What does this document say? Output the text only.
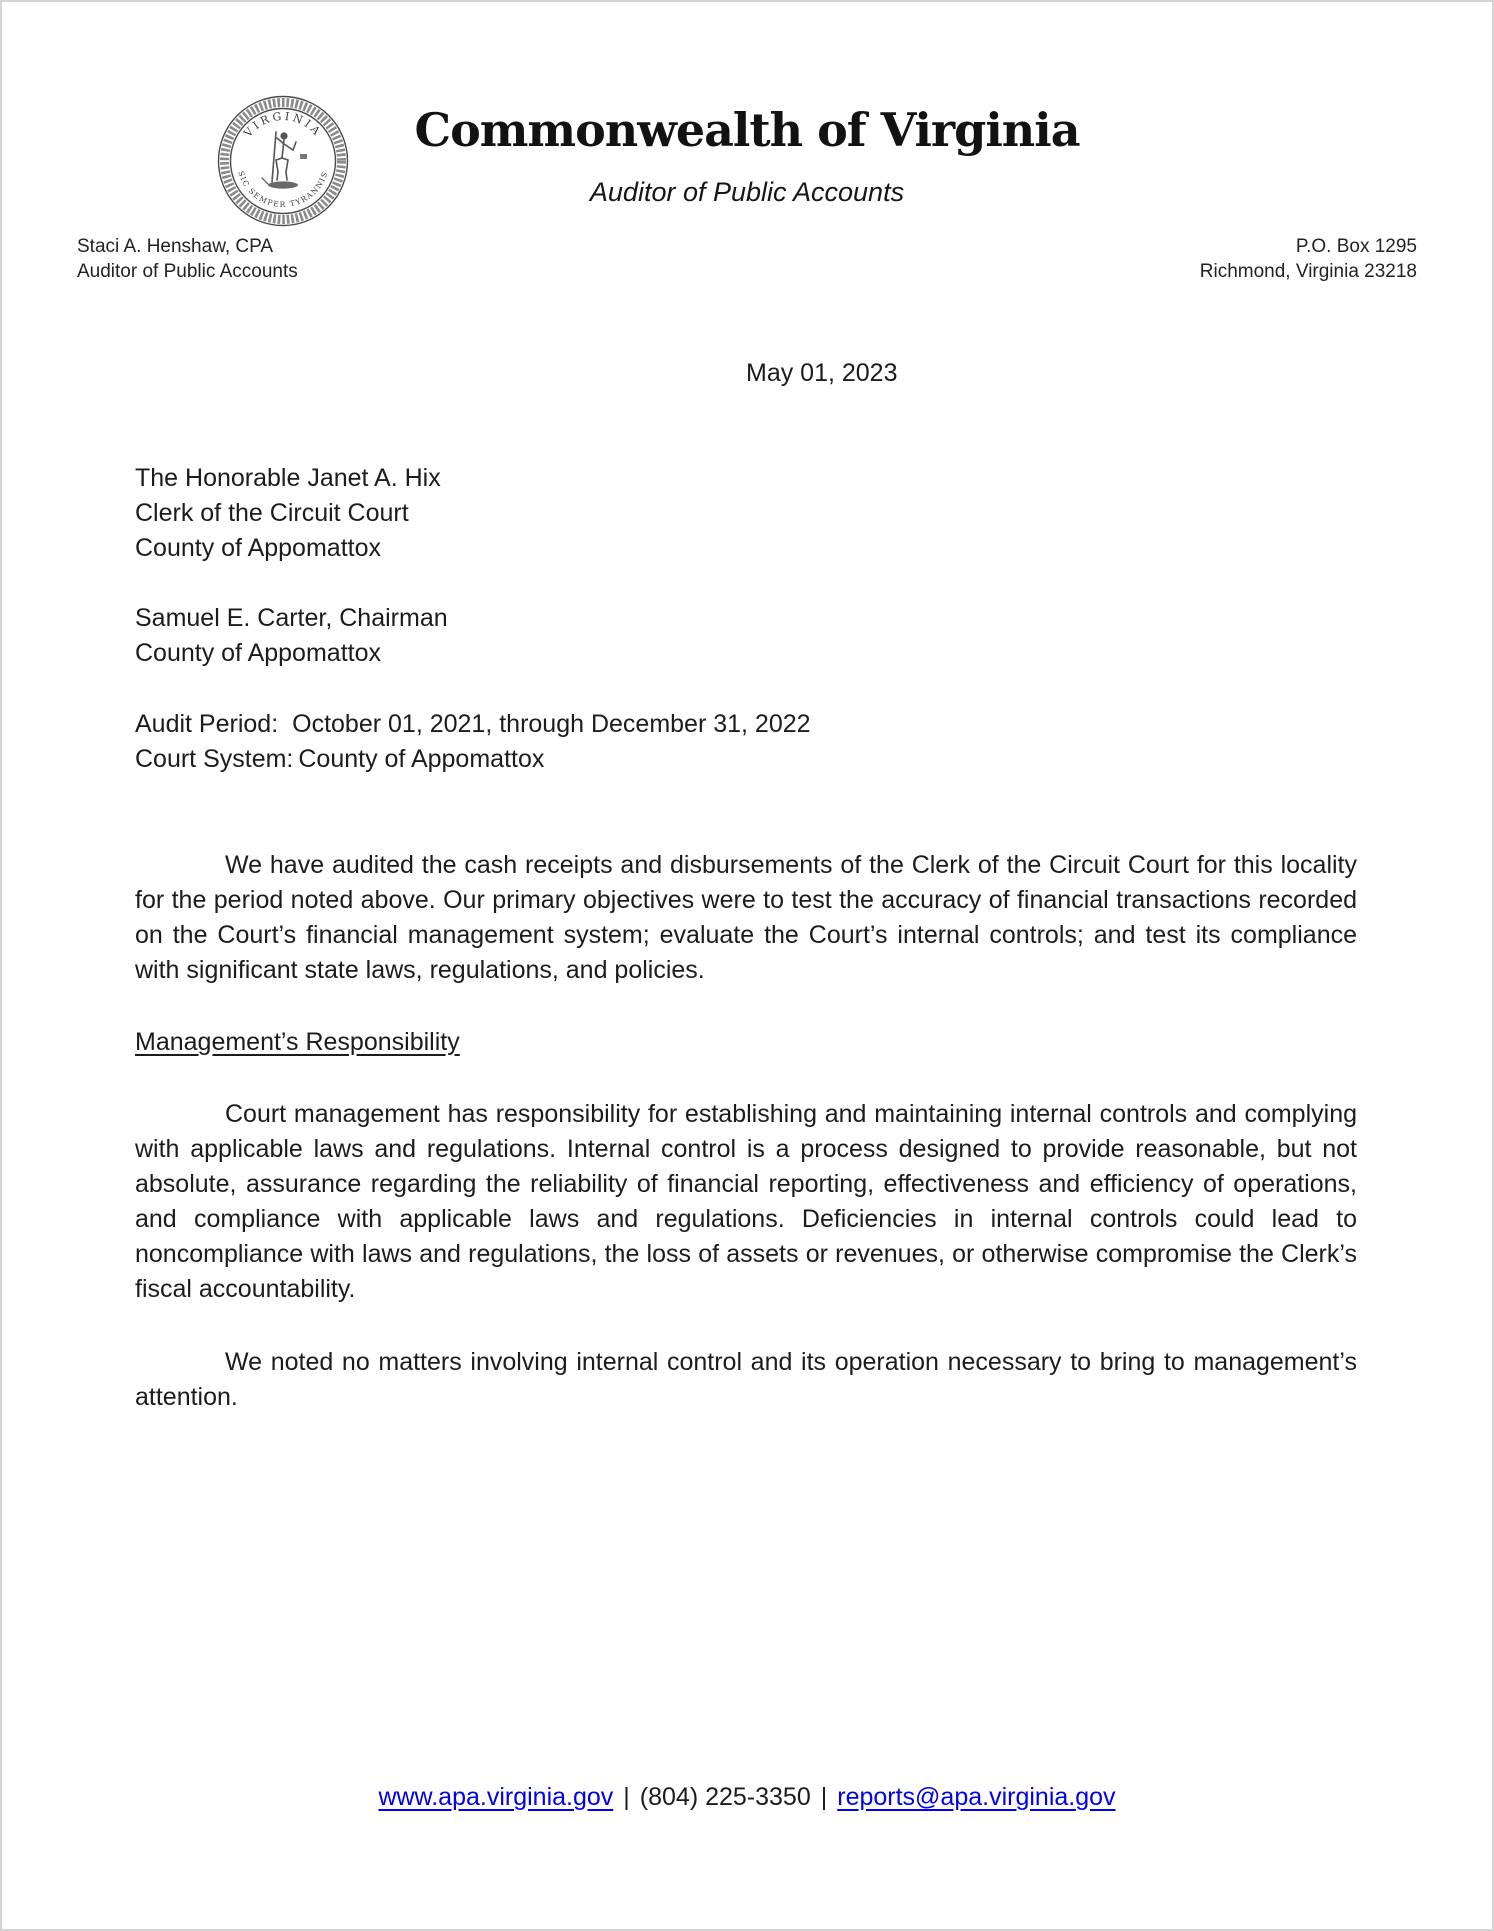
VIRGINIA
SIC SEMPER TYRANNIS
Commonwealth of Virginia
Auditor of Public Accounts
Staci A. Henshaw, CPA
Auditor of Public Accounts
P.O. Box 1295
Richmond, Virginia 23218
May 01, 2023
The Honorable Janet A. Hix
Clerk of the Circuit Court
County of Appomattox
Samuel E. Carter, Chairman
County of Appomattox
Audit Period: October 01, 2021, through December 31, 2022
Court System: County of Appomattox
We have audited the cash receipts and disbursements of the Clerk of the Circuit Court for this locality for the period noted above. Our primary objectives were to test the accuracy of financial transactions recorded on the Court’s financial management system; evaluate the Court’s internal controls; and test its compliance with significant state laws, regulations, and policies.
Management’s Responsibility
Court management has responsibility for establishing and maintaining internal controls and complying with applicable laws and regulations. Internal control is a process designed to provide reasonable, but not absolute, assurance regarding the reliability of financial reporting, effectiveness and efficiency of operations, and compliance with applicable laws and regulations. Deficiencies in internal controls could lead to noncompliance with laws and regulations, the loss of assets or revenues, or otherwise compromise the Clerk’s fiscal accountability.
We noted no matters involving internal control and its operation necessary to bring to management’s attention.
www.apa.virginia.gov | (804) 225-3350 | reports@apa.virginia.gov
